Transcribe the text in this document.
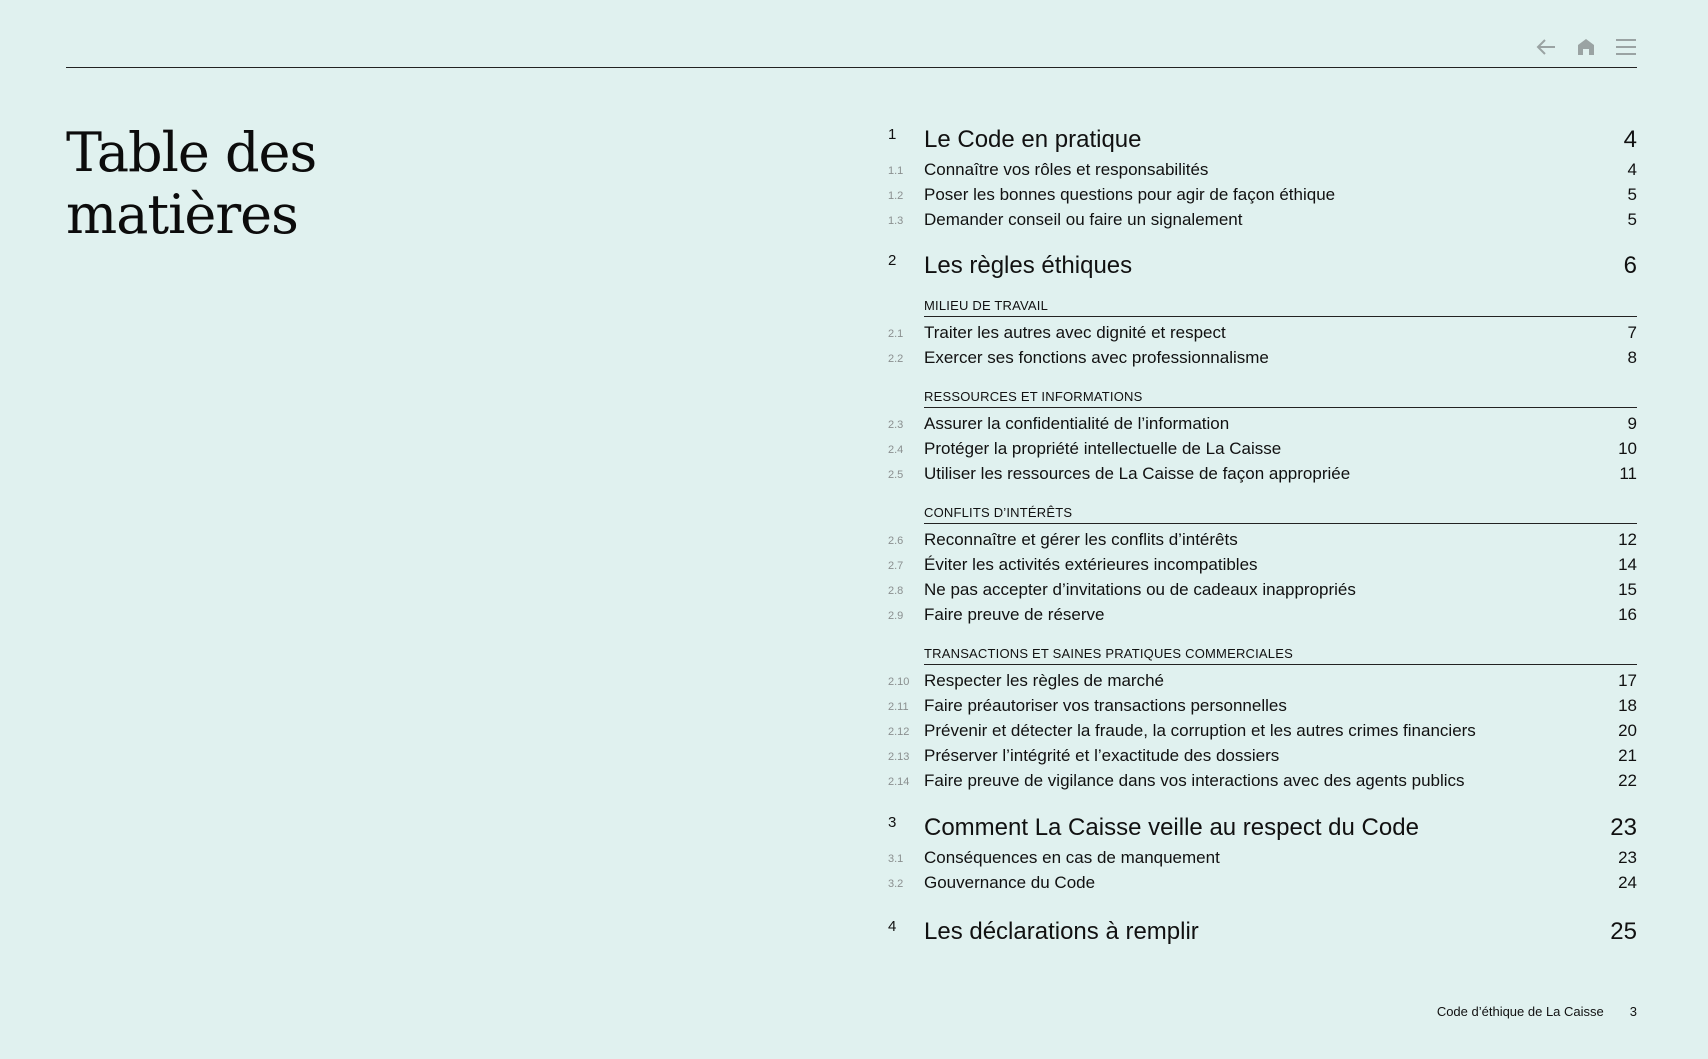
Table des
matières
1 Le Code en pratique	4
1.1 Connaître vos rôles et responsabilités	4
1.2 Poser les bonnes questions pour agir de façon éthique	5
1.3 Demander conseil ou faire un signalement	5
2 Les règles éthiques	6
MILIEU DE TRAVAIL
2.1 Traiter les autres avec dignité et respect	7
2.2 Exercer ses fonctions avec professionnalisme	8
RESSOURCES ET INFORMATIONS
2.3 Assurer la confidentialité de l’information	9
2.4 Protéger la propriété intellectuelle de La Caisse	10
2.5 Utiliser les ressources de La Caisse de façon appropriée	11
CONFLITS D’INTÉRÊTS
2.6 Reconnaître et gérer les conflits d’intérêts	12
2.7 Éviter les activités extérieures incompatibles	14
2.8 Ne pas accepter d’invitations ou de cadeaux inappropriés	15
2.9 Faire preuve de réserve	16
TRANSACTIONS ET SAINES PRATIQUES COMMERCIALES
2.10 Respecter les règles de marché	17
2.11 Faire préautoriser vos transactions personnelles	18
2.12 Prévenir et détecter la fraude, la corruption et les autres crimes financiers	20
2.13 Préserver l’intégrité et l’exactitude des dossiers	21
2.14 Faire preuve de vigilance dans vos interactions avec des agents publics	22
3 Comment La Caisse veille au respect du Code	23
3.1 Conséquences en cas de manquement	23
3.2 Gouvernance du Code	24
4 Les déclarations à remplir	25
Code d’éthique de La Caisse 3
